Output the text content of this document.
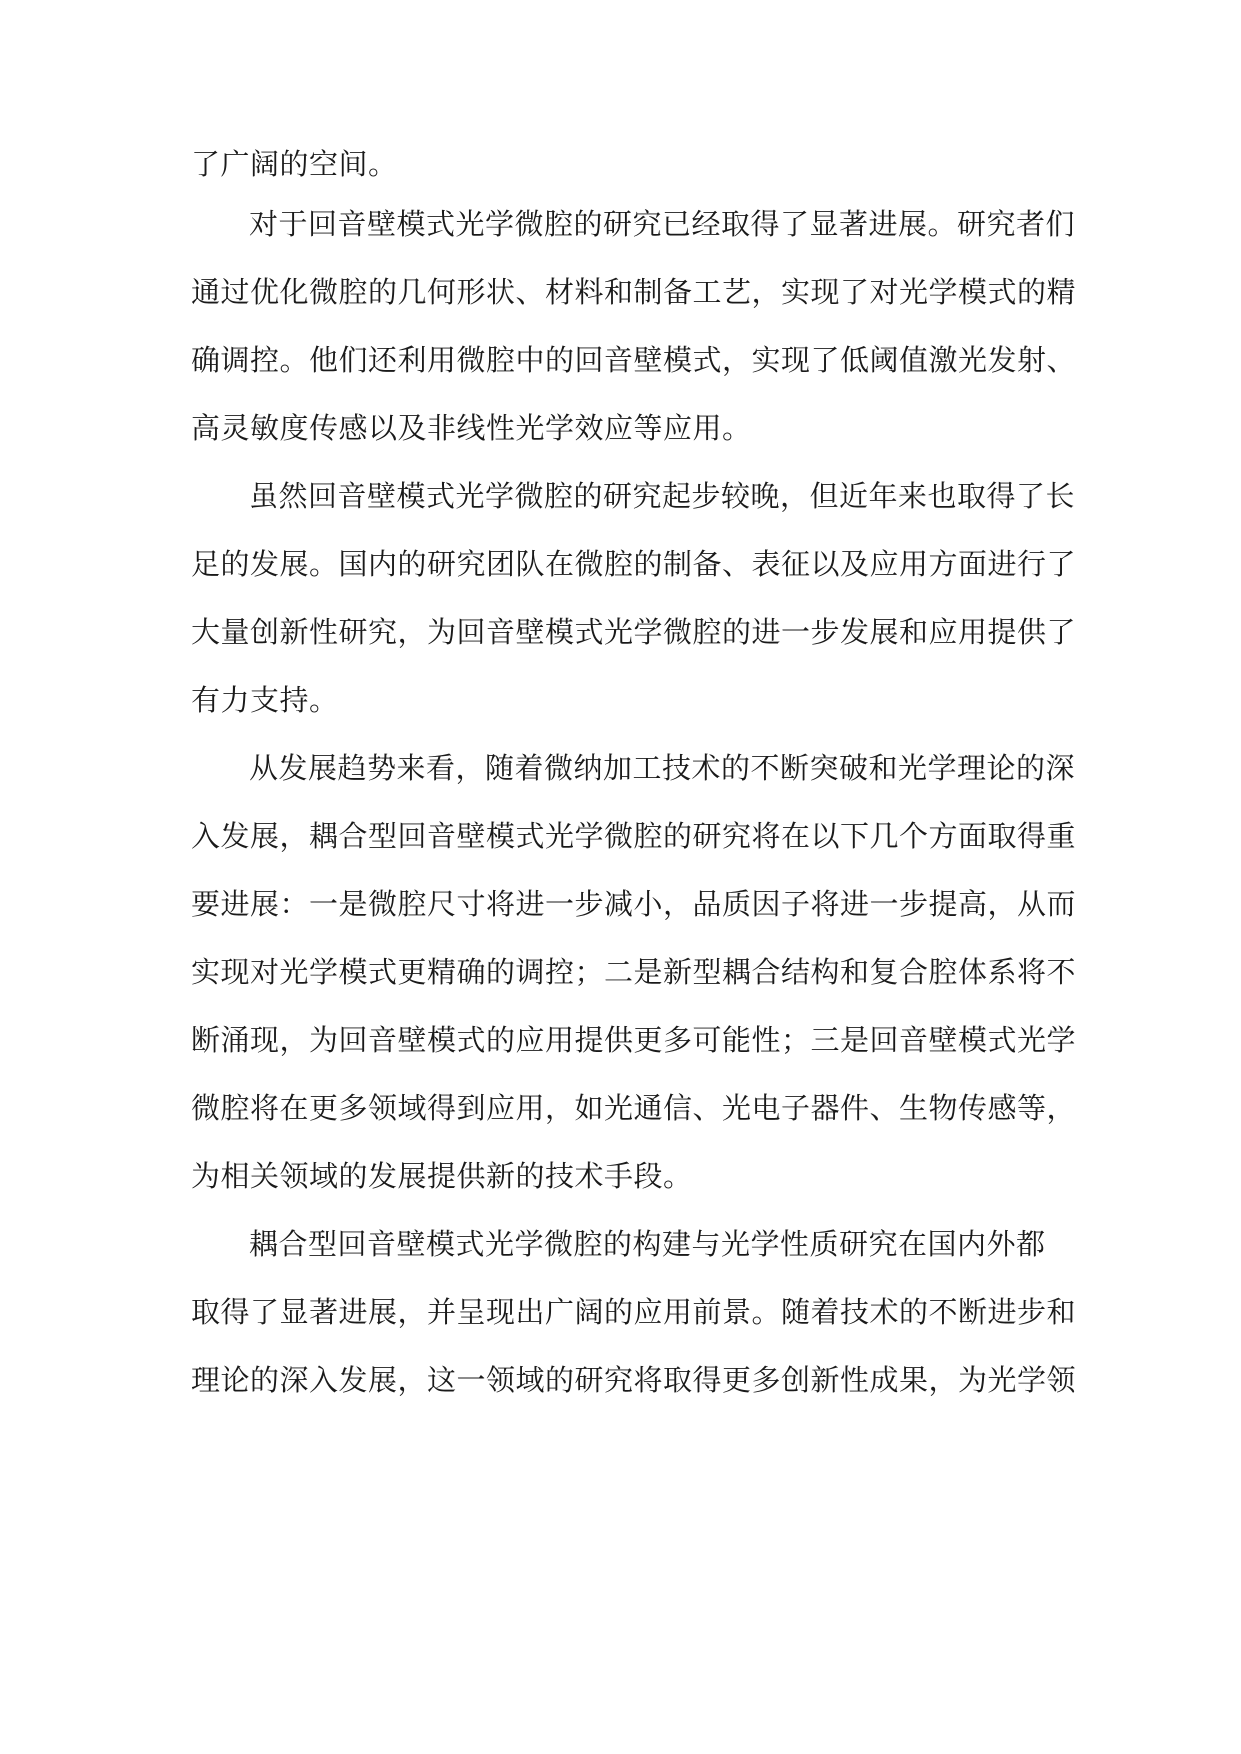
了广阔的空间。
对于回音壁模式光学微腔的研究已经取得了显著进展。研究者们
通过优化微腔的几何形状、材料和制备工艺，实现了对光学模式的精
确调控。他们还利用微腔中的回音壁模式，实现了低阈值激光发射、
高灵敏度传感以及非线性光学效应等应用。
虽然回音壁模式光学微腔的研究起步较晚，但近年来也取得了长
足的发展。国内的研究团队在微腔的制备、表征以及应用方面进行了
大量创新性研究，为回音壁模式光学微腔的进一步发展和应用提供了
有力支持。
从发展趋势来看，随着微纳加工技术的不断突破和光学理论的深
入发展，耦合型回音壁模式光学微腔的研究将在以下几个方面取得重
要进展：一是微腔尺寸将进一步减小，品质因子将进一步提高，从而
实现对光学模式更精确的调控；二是新型耦合结构和复合腔体系将不
断涌现，为回音壁模式的应用提供更多可能性；三是回音壁模式光学
微腔将在更多领域得到应用，如光通信、光电子器件、生物传感等，
为相关领域的发展提供新的技术手段。
耦合型回音壁模式光学微腔的构建与光学性质研究在国内外都
取得了显著进展，并呈现出广阔的应用前景。随着技术的不断进步和
理论的深入发展，这一领域的研究将取得更多创新性成果，为光学领
